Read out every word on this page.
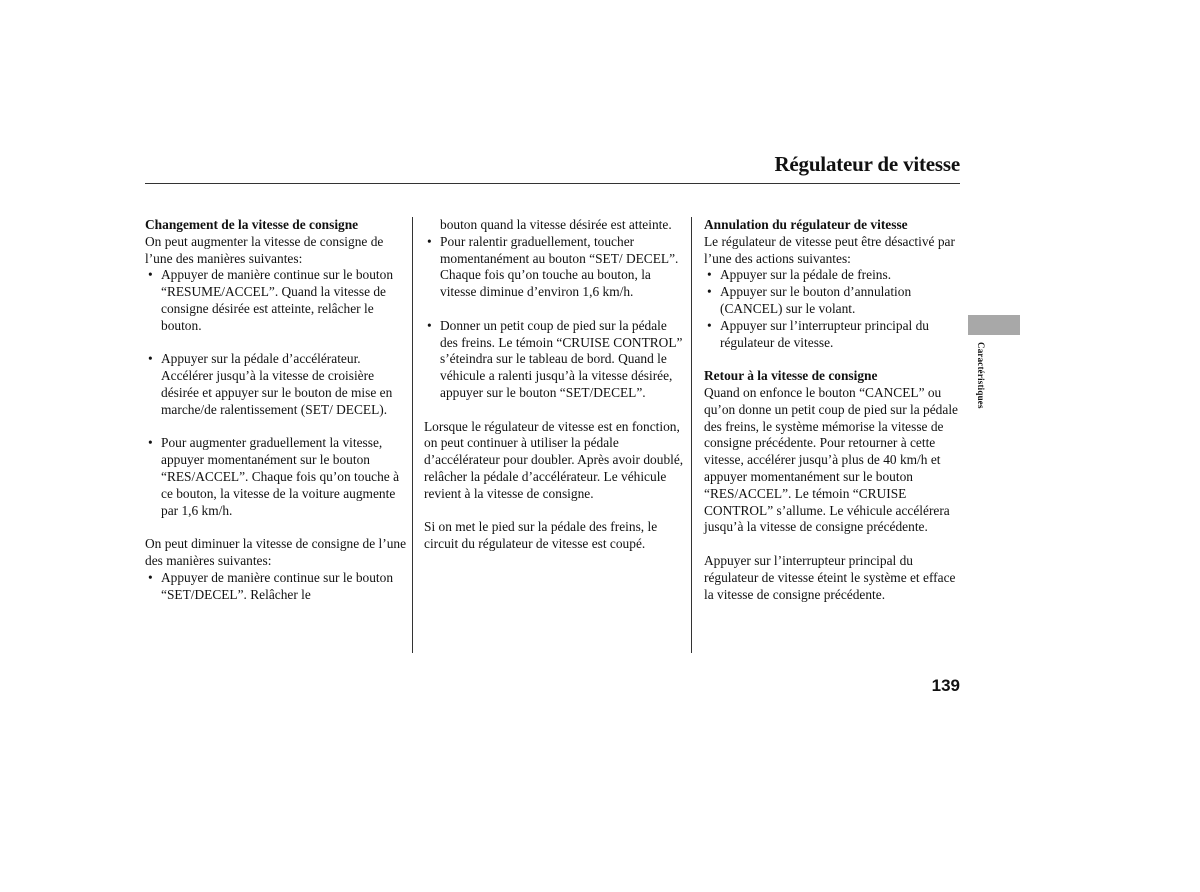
Régulateur de vitesse

Changement de la vitesse de consigne

On peut augmenter la vitesse de consigne de l’une des manières suivantes:

• Appuyer de manière continue sur le bouton “RESUME/ACCEL”. Quand la vitesse de consigne désirée est atteinte, relâcher le bouton.
• Appuyer sur la pédale d’accélérateur. Accélérer jusqu’à la vitesse de croisière désirée et appuyer sur le bouton de mise en marche/de ralentissement (SET/ DECEL).
• Pour augmenter graduellement la vitesse, appuyer momentanément sur le bouton “RES/ACCEL”. Chaque fois qu’on touche à ce bouton, la vitesse de la voiture augmente par 1,6 km/h.

On peut diminuer la vitesse de consigne de l’une des manières suivantes:

• Appuyer de manière continue sur le bouton “SET/DECEL”. Relâcher le

bouton quand la vitesse désirée est atteinte.

• Pour ralentir graduellement, toucher momentanément au bouton “SET/ DECEL”. Chaque fois qu’on touche au bouton, la vitesse diminue d’environ 1,6 km/h.
• Donner un petit coup de pied sur la pédale des freins. Le témoin “CRUISE CONTROL” s’éteindra sur le tableau de bord. Quand le véhicule a ralenti jusqu’à la vitesse désirée, appuyer sur le bouton “SET/DECEL”.

Lorsque le régulateur de vitesse est en fonction, on peut continuer à utiliser la pédale d’accélérateur pour doubler. Après avoir doublé, relâcher la pédale d’accélérateur. Le véhicule revient à la vitesse de consigne.

Si on met le pied sur la pédale des freins, le circuit du régulateur de vitesse est coupé.

Annulation du régulateur de vitesse

Le régulateur de vitesse peut être désactivé par l’une des actions suivantes:

• Appuyer sur la pédale de freins.
• Appuyer sur le bouton d’annulation (CANCEL) sur le volant.
• Appuyer sur l’interrupteur principal du régulateur de vitesse.

Retour à la vitesse de consigne

Quand on enfonce le bouton “CANCEL” ou qu’on donne un petit coup de pied sur la pédale des freins, le système mémorise la vitesse de consigne précédente. Pour retourner à cette vitesse, accélérer jusqu’à plus de 40 km/h et appuyer momentanément sur le bouton “RES/ACCEL”. Le témoin “CRUISE CONTROL” s’allume. Le véhicule accélérera jusqu’à la vitesse de consigne précédente.

Appuyer sur l’interrupteur principal du régulateur de vitesse éteint le système et efface la vitesse de consigne précédente.

Caractéristiques
139
